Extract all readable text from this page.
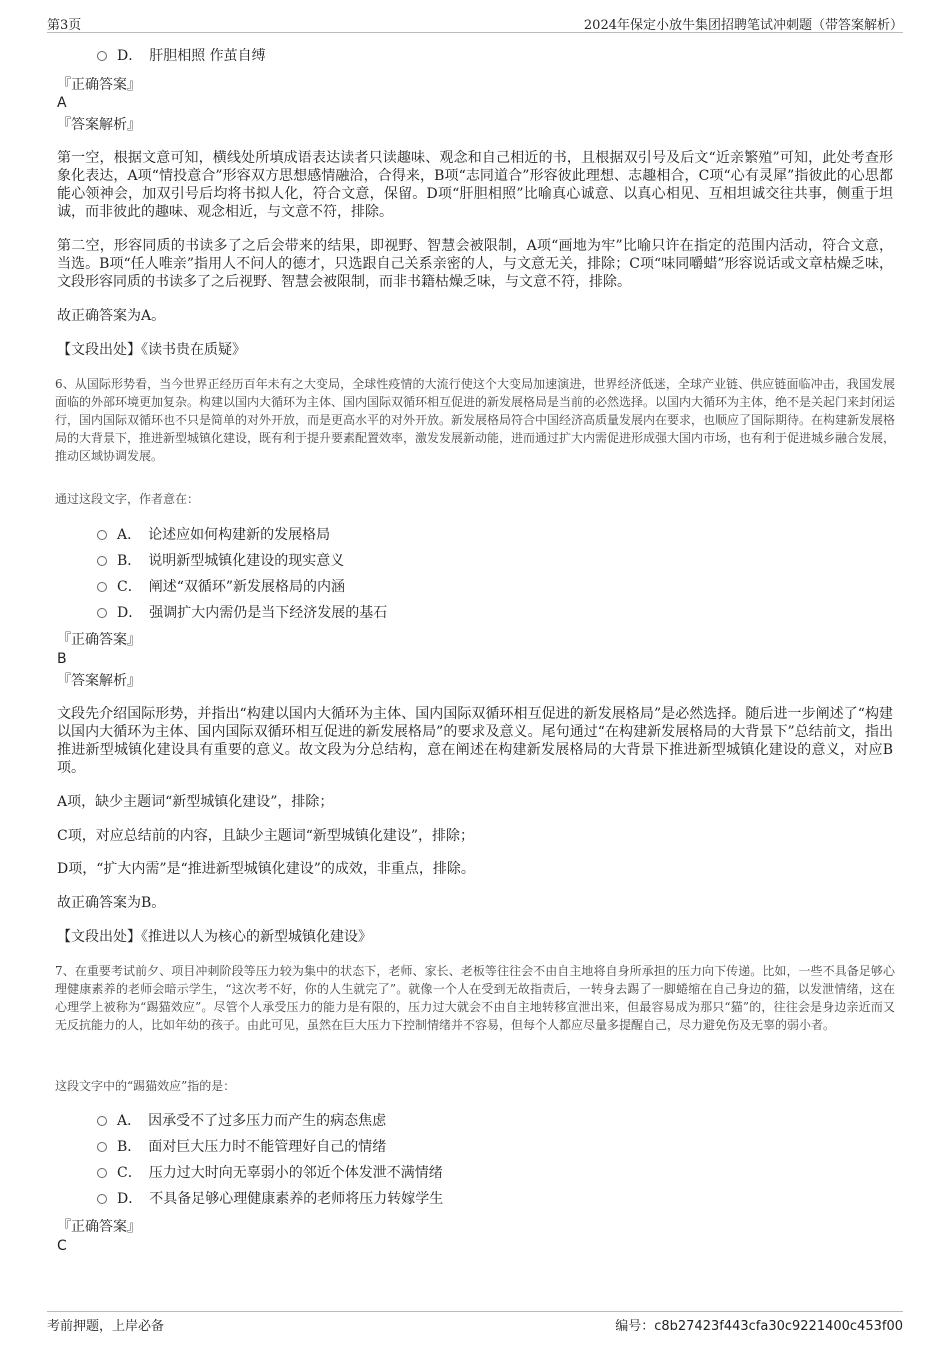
第3页	2024年保定小放牛集团招聘笔试冲刺题（带答案解析）
D．　肝胆相照 作茧自缚
『正确答案』
A
『答案解析』
第一空，根据文意可知，横线处所填成语表达读者只读趣味、观念和自己相近的书，且根据双引号及后文“近亲繁殖”可知，此处考查形象化表达，A项“情投意合”形容双方思想感情融洽，合得来，B项“志同道合”形容彼此理想、志趣相合，C项“心有灵犀”指彼此的心思都能心领神会，加双引号后均将书拟人化，符合文意，保留。D项“肝胆相照”比喻真心诚意、以真心相见、互相坦诚交往共事，侧重于坦诚，而非彼此的趣味、观念相近，与文意不符，排除。
第二空，形容同质的书读多了之后会带来的结果，即视野、智慧会被限制，A项“画地为牢”比喻只许在指定的范围内活动，符合文意，当选。B项“任人唯亲”指用人不问人的德才，只选跟自己关系亲密的人，与文意无关，排除；C项“味同嚼蜡”形容说话或文章枯燥乏味，文段形容同质的书读多了之后视野、智慧会被限制，而非书籍枯燥乏味，与文意不符，排除。
故正确答案为A。
【文段出处】《读书贵在质疑》
6、从国际形势看，当今世界正经历百年未有之大变局，全球性疫情的大流行使这个大变局加速演进，世界经济低迷，全球产业链、供应链面临冲击，我国发展面临的外部环境更加复杂。构建以国内大循环为主体、国内国际双循环相互促进的新发展格局是当前的必然选择。以国内大循环为主体，绝不是关起门来封闭运行，国内国际双循环也不只是简单的对外开放，而是更高水平的对外开放。新发展格局符合中国经济高质量发展内在要求，也顺应了国际期待。在构建新发展格局的大背景下，推进新型城镇化建设，既有利于提升要素配置效率，激发发展新动能，进而通过扩大内需促进形成强大国内市场，也有利于促进城乡融合发展，推动区域协调发展。
通过这段文字，作者意在：
A．　论述应如何构建新的发展格局
B．　说明新型城镇化建设的现实意义
C．　阐述“双循环”新发展格局的内涵
D．　强调扩大内需仍是当下经济发展的基石
『正确答案』
B
『答案解析』
文段先介绍国际形势，并指出“构建以国内大循环为主体、国内国际双循环相互促进的新发展格局”是必然选择。随后进一步阐述了“构建以国内大循环为主体、国内国际双循环相互促进的新发展格局”的要求及意义。尾句通过“在构建新发展格局的大背景下”总结前文，指出推进新型城镇化建设具有重要的意义。故文段为分总结构，意在阐述在构建新发展格局的大背景下推进新型城镇化建设的意义，对应B项。
A项，缺少主题词“新型城镇化建设”，排除；
C项，对应总结前的内容，且缺少主题词“新型城镇化建设”，排除；
D项，“扩大内需”是“推进新型城镇化建设”的成效，非重点，排除。
故正确答案为B。
【文段出处】《推进以人为核心的新型城镇化建设》
7、在重要考试前夕、项目冲刺阶段等压力较为集中的状态下，老师、家长、老板等往往会不由自主地将自身所承担的压力向下传递。比如，一些不具备足够心理健康素养的老师会暗示学生，“这次考不好，你的人生就完了”。就像一个人在受到无故指责后，一转身去踢了一脚蜷缩在自己身边的猫，以发泄情绪，这在心理学上被称为“踢猫效应”。尽管个人承受压力的能力是有限的，压力过大就会不由自主地转移宣泄出来，但最容易成为那只“猫”的，往往会是身边亲近而又无反抗能力的人，比如年幼的孩子。由此可见，虽然在巨大压力下控制情绪并不容易，但每个人都应尽量多提醒自己，尽力避免伤及无辜的弱小者。
这段文字中的“踢猫效应”指的是：
A．　因承受不了过多压力而产生的病态焦虑
B．　面对巨大压力时不能管理好自己的情绪
C．　压力过大时向无辜弱小的邻近个体发泄不满情绪
D．　不具备足够心理健康素养的老师将压力转嫁学生
『正确答案』
C
考前押题，上岸必备	编号：c8b27423f443cfa30c9221400c453f00
